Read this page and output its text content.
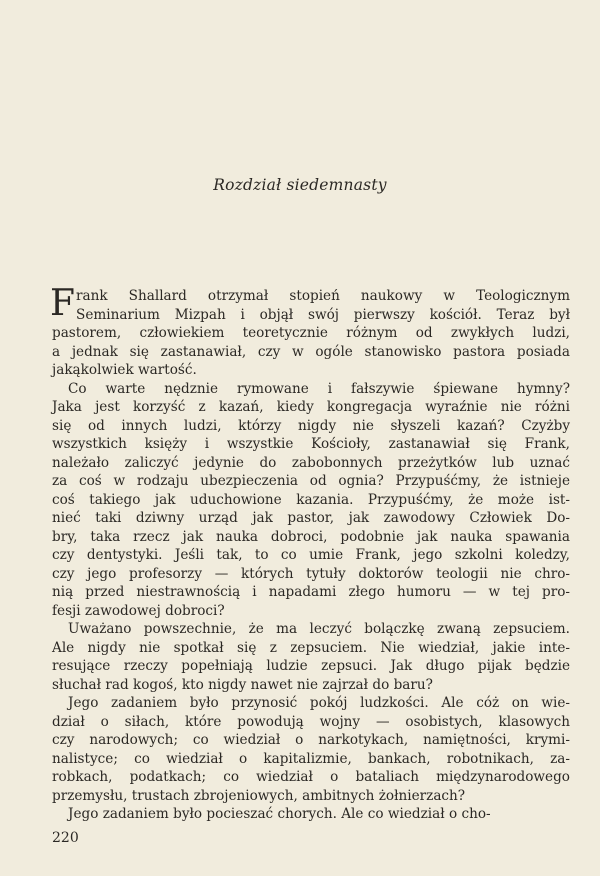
Rozdział siedemnasty
F rank Shallard otrzymał stopień naukowy w Teologicznym
Seminarium Mizpah i objął swój pierwszy kościół. Teraz był
pastorem, człowiekiem teoretycznie różnym od zwykłych ludzi,
a jednak się zastanawiał, czy w ogóle stanowisko pastora posiada
jakąkolwiek wartość.
Co warte nędznie rymowane i fałszywie śpiewane hymny?
Jaka jest korzyść z kazań, kiedy kongregacja wyraźnie nie różni
się od innych ludzi, którzy nigdy nie słyszeli kazań? Czyżby
wszystkich księży i wszystkie Kościoły, zastanawiał się Frank,
należało zaliczyć jedynie do zabobonnych przeżytków lub uznać
za coś w rodzaju ubezpieczenia od ognia? Przypuśćmy, że istnieje
coś takiego jak uduchowione kazania. Przypuśćmy, że może ist-
nieć taki dziwny urząd jak pastor, jak zawodowy Człowiek Do-
bry, taka rzecz jak nauka dobroci, podobnie jak nauka spawania
czy dentystyki. Jeśli tak, to co umie Frank, jego szkolni koledzy,
czy jego profesorzy — których tytuły doktorów teologii nie chro-
nią przed niestrawnością i napadami złego humoru — w tej pro-
fesji zawodowej dobroci?
Uważano powszechnie, że ma leczyć bolączkę zwaną zepsuciem.
Ale nigdy nie spotkał się z zepsuciem. Nie wiedział, jakie inte-
resujące rzeczy popełniają ludzie zepsuci. Jak długo pijak będzie
słuchał rad kogoś, kto nigdy nawet nie zajrzał do baru?
Jego zadaniem było przynosić pokój ludzkości. Ale cóż on wie-
dział o siłach, które powodują wojny — osobistych, klasowych
czy narodowych; co wiedział o narkotykach, namiętności, krymi-
nalistyce; co wiedział o kapitalizmie, bankach, robotnikach, za-
robkach, podatkach; co wiedział o bataliach międzynarodowego
przemysłu, trustach zbrojeniowych, ambitnych żołnierzach?
Jego zadaniem było pocieszać chorych. Ale co wiedział o cho-
220
